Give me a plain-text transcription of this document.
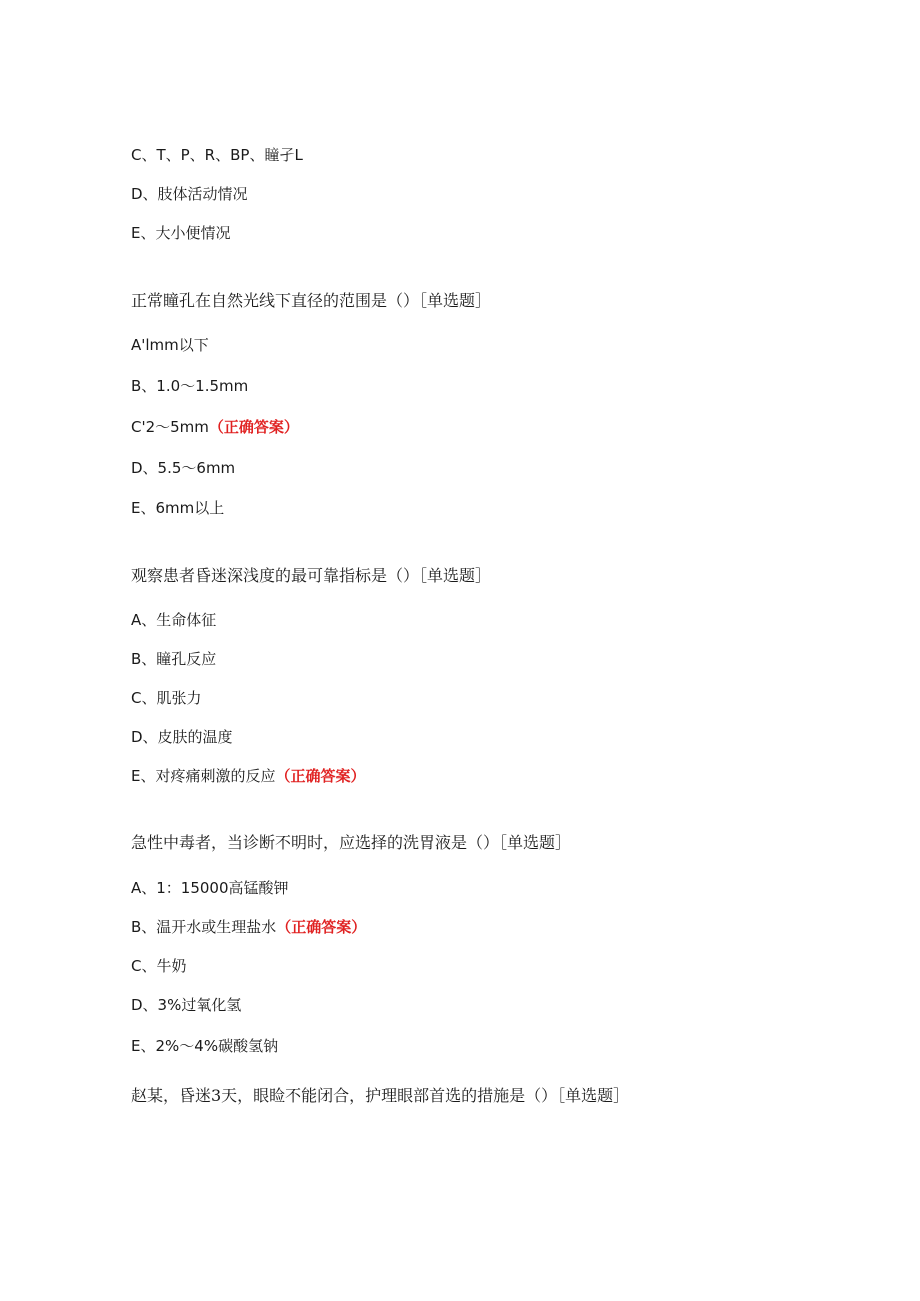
C、T、P、R、BP、瞳孑L
D、肢体活动情况
E、大小便情况
正常瞳孔在自然光线下直径的范围是（）［单选题］
A'lmm以下
B、1.0～1.5mm
C'2～5mm（正确答案）
D、5.5～6mm
E、6mm以上
观察患者昏迷深浅度的最可靠指标是（）［单选题］
A、生命体征
B、瞳孔反应
C、肌张力
D、皮肤的温度
E、对疼痛刺激的反应（正确答案）
急性中毒者，当诊断不明时，应选择的洗胃液是（）［单选题］
A、1：15000高锰酸钾
B、温开水或生理盐水（正确答案）
C、牛奶
D、3%过氧化氢
E、2%～4%碳酸氢钠
赵某，昏迷3天，眼睑不能闭合，护理眼部首选的措施是（）［单选题］
